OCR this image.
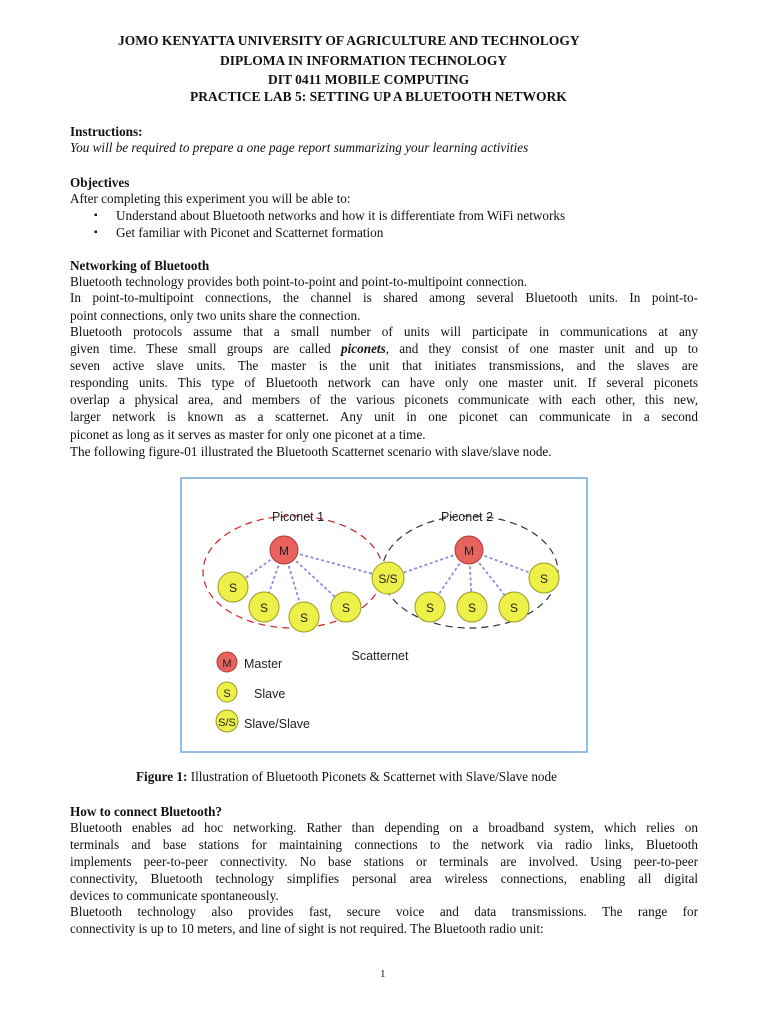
JOMO KENYATTA UNIVERSITY OF AGRICULTURE AND TECHNOLOGY
DIPLOMA IN INFORMATION TECHNOLOGY
DIT 0411 MOBILE COMPUTING
PRACTICE LAB 5: SETTING UP A BLUETOOTH NETWORK
Instructions:
You will be required to prepare a one page report summarizing your learning activities
Objectives
After completing this experiment you will be able to:
▪ Understand about Bluetooth networks and how it is differentiate from WiFi networks
▪ Get familiar with Piconet and Scatternet formation
Networking of Bluetooth
Bluetooth technology provides both point-to-point and point-to-multipoint connection.
In point-to-multipoint connections, the channel is shared among several Bluetooth units. In point-to-
point connections, only two units share the connection.
Bluetooth protocols assume that a small number of units will participate in communications at any
given time. These small groups are called piconets, and they consist of one master unit and up to
seven active slave units. The master is the unit that initiates transmissions, and the slaves are
responding units. This type of Bluetooth network can have only one master unit. If several piconets
overlap a physical area, and members of the various piconets communicate with each other, this new,
larger network is known as a scatternet. Any unit in one piconet can communicate in a second
piconet as long as it serves as master for only one piconet at a time.
The following figure-01 illustrated the Bluetooth Scatternet scenario with slave/slave node.
Piconet 1	Piconet 2
M	M
S
S
S
S
S/S
S	S	S
S
Scatternet
M Master
S Slave
S/S Slave/Slave
Figure 1: Illustration of Bluetooth Piconets & Scatternet with Slave/Slave node
How to connect Bluetooth?
Bluetooth enables ad hoc networking. Rather than depending on a broadband system, which relies on
terminals and base stations for maintaining connections to the network via radio links, Bluetooth
implements peer-to-peer connectivity. No base stations or terminals are involved. Using peer-to-peer
connectivity, Bluetooth technology simplifies personal area wireless connections, enabling all digital
devices to communicate spontaneously.
Bluetooth technology also provides fast, secure voice and data transmissions. The range for
connectivity is up to 10 meters, and line of sight is not required. The Bluetooth radio unit:
1
